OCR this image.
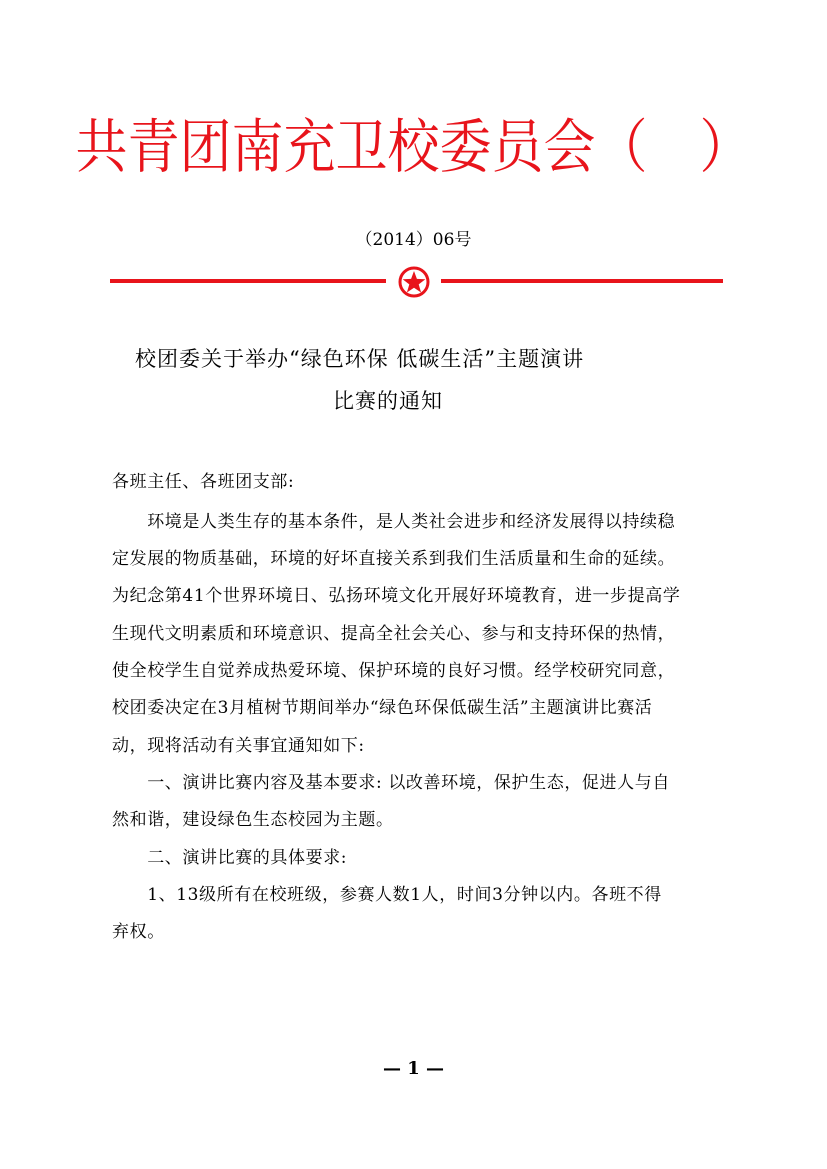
共青团南充卫校委员会（　）
（2014）06号
校团委关于举办“绿色环保 低碳生活”主题演讲
比赛的通知
各班主任、各班团支部:
　　环境是人类生存的基本条件，是人类社会进步和经济发展得以持续稳
定发展的物质基础，环境的好坏直接关系到我们生活质量和生命的延续。
为纪念第41个世界环境日、弘扬环境文化开展好环境教育，进一步提高学
生现代文明素质和环境意识、提高全社会关心、参与和支持环保的热情，
使全校学生自觉养成热爱环境、保护环境的良好习惯。经学校研究同意，
校团委决定在3月植树节期间举办“绿色环保低碳生活”主题演讲比赛活
动，现将活动有关事宜通知如下:
　　一、演讲比赛内容及基本要求: 以改善环境，保护生态，促进人与自
然和谐，建设绿色生态校园为主题。
　　二、演讲比赛的具体要求:
　　1、13级所有在校班级，参赛人数1人，时间3分钟以内。各班不得
弃权。
— 1 —
